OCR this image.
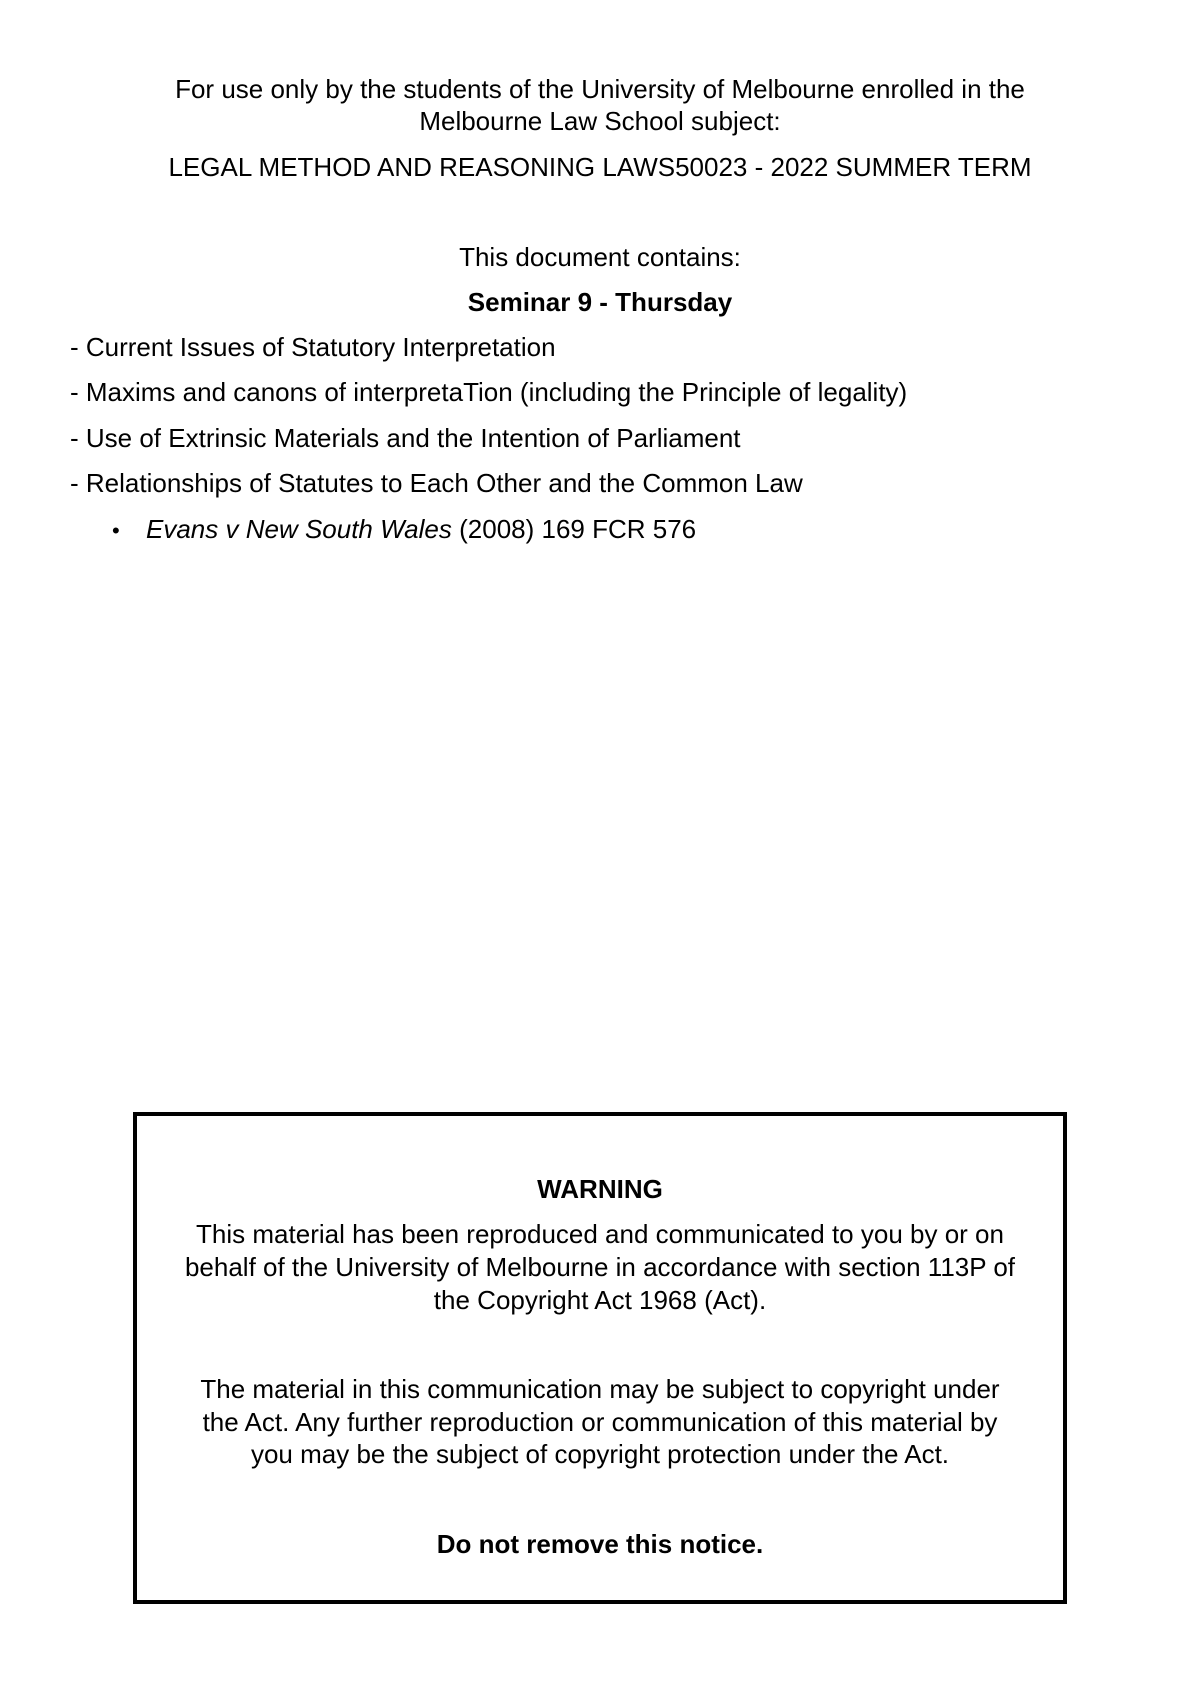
For use only by the students of the University of Melbourne enrolled in the
Melbourne Law School subject:
LEGAL METHOD AND REASONING LAWS50023 - 2022 SUMMER TERM
This document contains:
Seminar 9 - Thursday
- Current Issues of Statutory Interpretation
- Maxims and canons of interpretaTion (including the Principle of legality)
- Use of Extrinsic Materials and the Intention of Parliament
- Relationships of Statutes to Each Other and the Common Law
• Evans v New South Wales (2008) 169 FCR 576
WARNING
This material has been reproduced and communicated to you by or on
behalf of the University of Melbourne in accordance with section 113P of
the Copyright Act 1968 (Act).
The material in this communication may be subject to copyright under
the Act. Any further reproduction or communication of this material by
you may be the subject of copyright protection under the Act.
Do not remove this notice.
